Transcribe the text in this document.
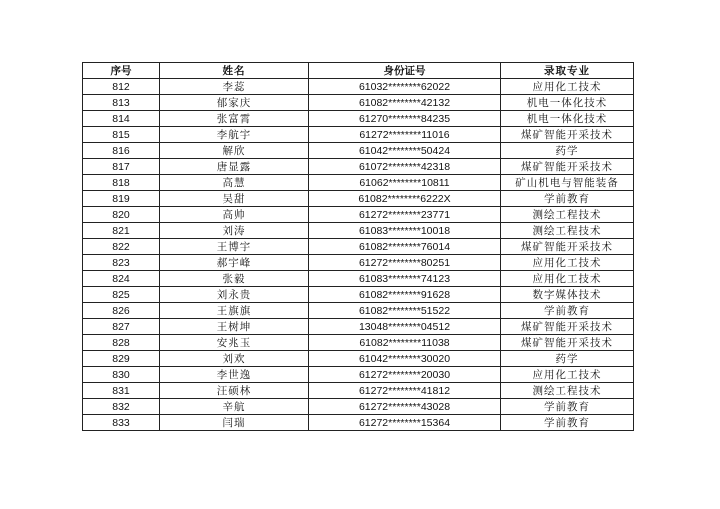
序号	姓名	身份证号	录取专业
812	李蕊	61032********62022	应用化工技术
813	郁家庆	61082********42132	机电一体化技术
814	张富霄	61270********84235	机电一体化技术
815	李航宇	61272********11016	煤矿智能开采技术
816	解欣	61042********50424	药学
817	唐显露	61072********42318	煤矿智能开采技术
818	高慧	61062********10811	矿山机电与智能装备
819	吴甜	61082********6222X	学前教育
820	高帅	61272********23771	测绘工程技术
821	刘涛	61083********10018	测绘工程技术
822	王博宇	61082********76014	煤矿智能开采技术
823	郝宇峰	61272********80251	应用化工技术
824	张毅	61083********74123	应用化工技术
825	刘永贵	61082********91628	数字媒体技术
826	王旗旗	61082********51522	学前教育
827	王树坤	13048********04512	煤矿智能开采技术
828	安兆玉	61082********11038	煤矿智能开采技术
829	刘欢	61042********30020	药学
830	李世逸	61272********20030	应用化工技术
831	汪硕林	61272********41812	测绘工程技术
832	辛航	61272********43028	学前教育
833	闫瑞	61272********15364	学前教育
